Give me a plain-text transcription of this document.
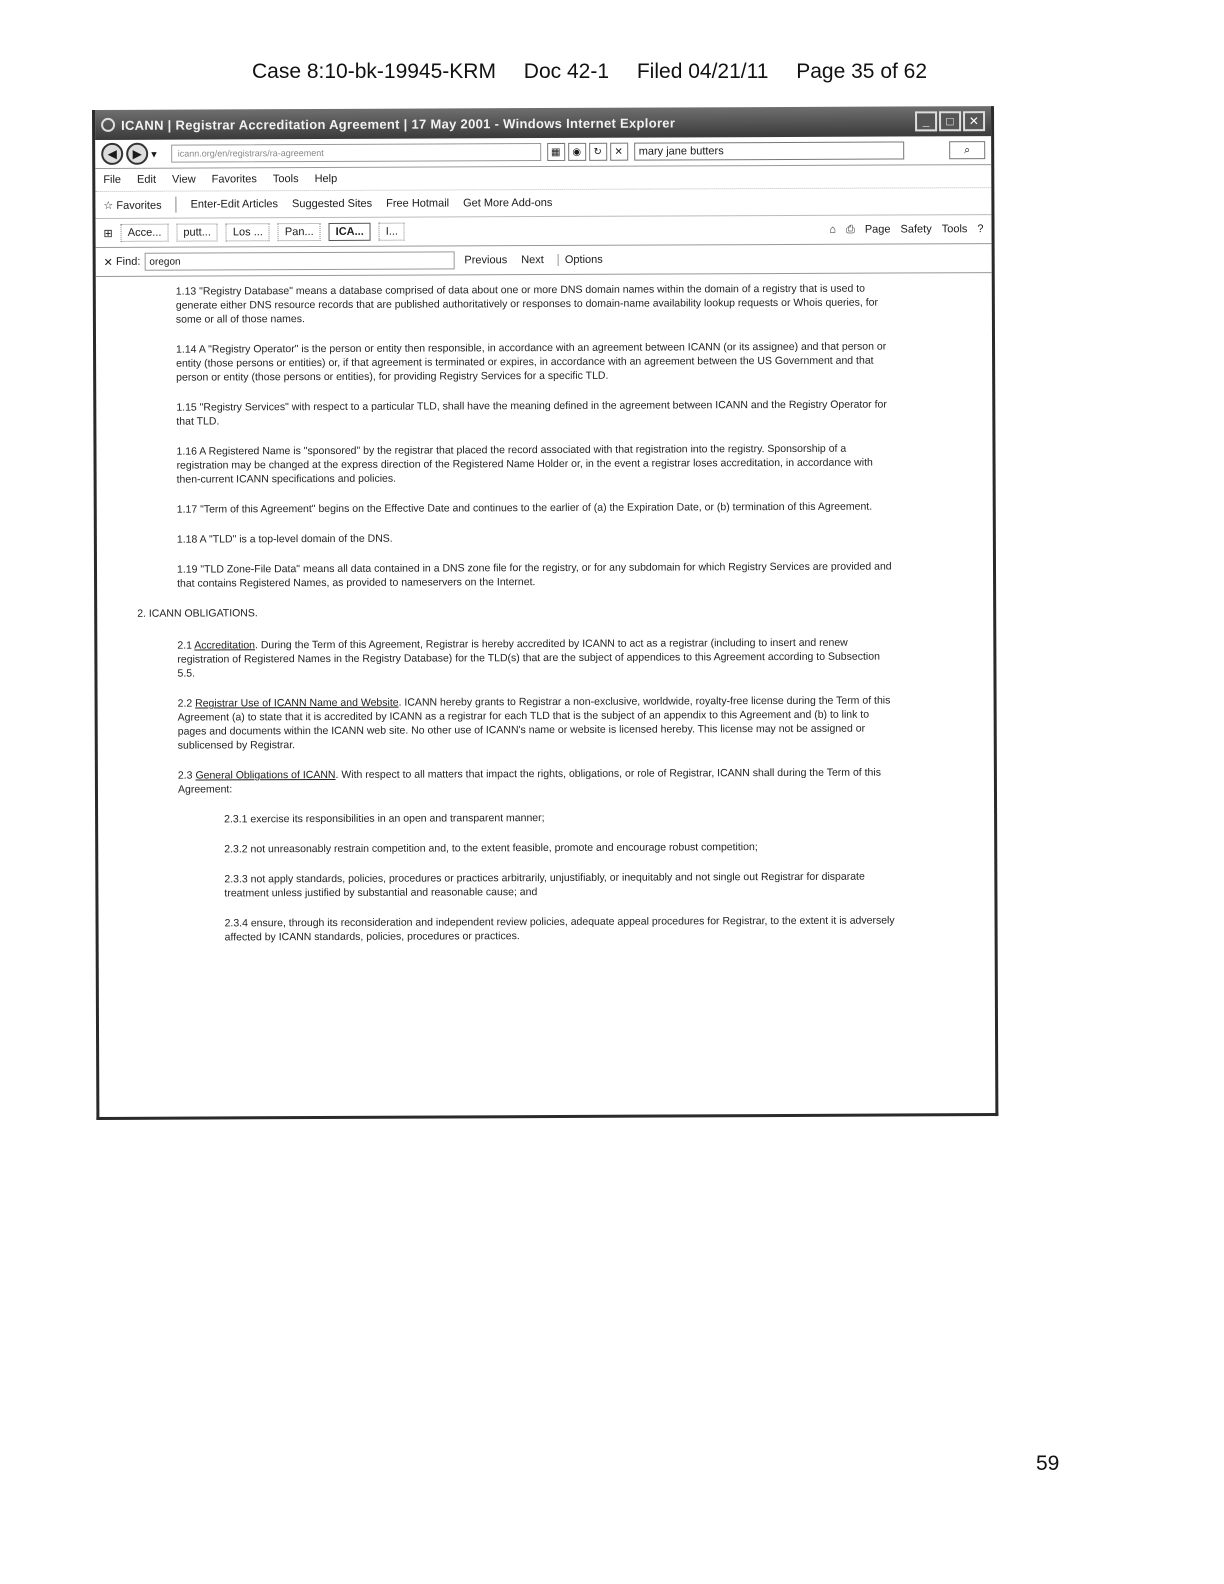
Case 8:10-bk-19945-KRM Doc 42-1 Filed 04/21/11 Page 35 of 62
ICANN | Registrar Accreditation Agreement | 17 May 2001 - Windows Internet Explorer	_	□	✕
◀	▶ ▾	icann.org/en/registrars/ra-agreement	▦	◉	↻	✕	mary jane butters	⌕
File Edit View Favorites Tools Help
☆ Favorites	Enter-Edit Articles Suggested Sites Free Hotmail Get More Add-ons
⊞	Acce...	putt...	Los ...	Pan...	ICA...	I...	⌂ ⎙ Page Safety Tools ?
✕ Find: oregon	Previous Next	Options

1.13 "Registry Database" means a database comprised of data about one or more DNS domain names within the domain of a registry that is used to generate either DNS resource records that are published authoritatively or responses to domain-name availability lookup requests or Whois queries, for some or all of those names.

1.14 A "Registry Operator" is the person or entity then responsible, in accordance with an agreement between ICANN (or its assignee) and that person or entity (those persons or entities) or, if that agreement is terminated or expires, in accordance with an agreement between the US Government and that person or entity (those persons or entities), for providing Registry Services for a specific TLD.

1.15 "Registry Services" with respect to a particular TLD, shall have the meaning defined in the agreement between ICANN and the Registry Operator for that TLD.

1.16 A Registered Name is "sponsored" by the registrar that placed the record associated with that registration into the registry. Sponsorship of a registration may be changed at the express direction of the Registered Name Holder or, in the event a registrar loses accreditation, in accordance with then-current ICANN specifications and policies.

1.17 "Term of this Agreement" begins on the Effective Date and continues to the earlier of (a) the Expiration Date, or (b) termination of this Agreement.

1.18 A "TLD" is a top-level domain of the DNS.

1.19 "TLD Zone-File Data" means all data contained in a DNS zone file for the registry, or for any subdomain for which Registry Services are provided and that contains Registered Names, as provided to nameservers on the Internet.

2. ICANN OBLIGATIONS.

2.1 Accreditation. During the Term of this Agreement, Registrar is hereby accredited by ICANN to act as a registrar (including to insert and renew registration of Registered Names in the Registry Database) for the TLD(s) that are the subject of appendices to this Agreement according to Subsection 5.5.

2.2 Registrar Use of ICANN Name and Website. ICANN hereby grants to Registrar a non-exclusive, worldwide, royalty-free license during the Term of this Agreement (a) to state that it is accredited by ICANN as a registrar for each TLD that is the subject of an appendix to this Agreement and (b) to link to pages and documents within the ICANN web site. No other use of ICANN's name or website is licensed hereby. This license may not be assigned or sublicensed by Registrar.

2.3 General Obligations of ICANN. With respect to all matters that impact the rights, obligations, or role of Registrar, ICANN shall during the Term of this Agreement:

2.3.1 exercise its responsibilities in an open and transparent manner;

2.3.2 not unreasonably restrain competition and, to the extent feasible, promote and encourage robust competition;

2.3.3 not apply standards, policies, procedures or practices arbitrarily, unjustifiably, or inequitably and not single out Registrar for disparate treatment unless justified by substantial and reasonable cause; and

2.3.4 ensure, through its reconsideration and independent review policies, adequate appeal procedures for Registrar, to the extent it is adversely affected by ICANN standards, policies, procedures or practices.

59
